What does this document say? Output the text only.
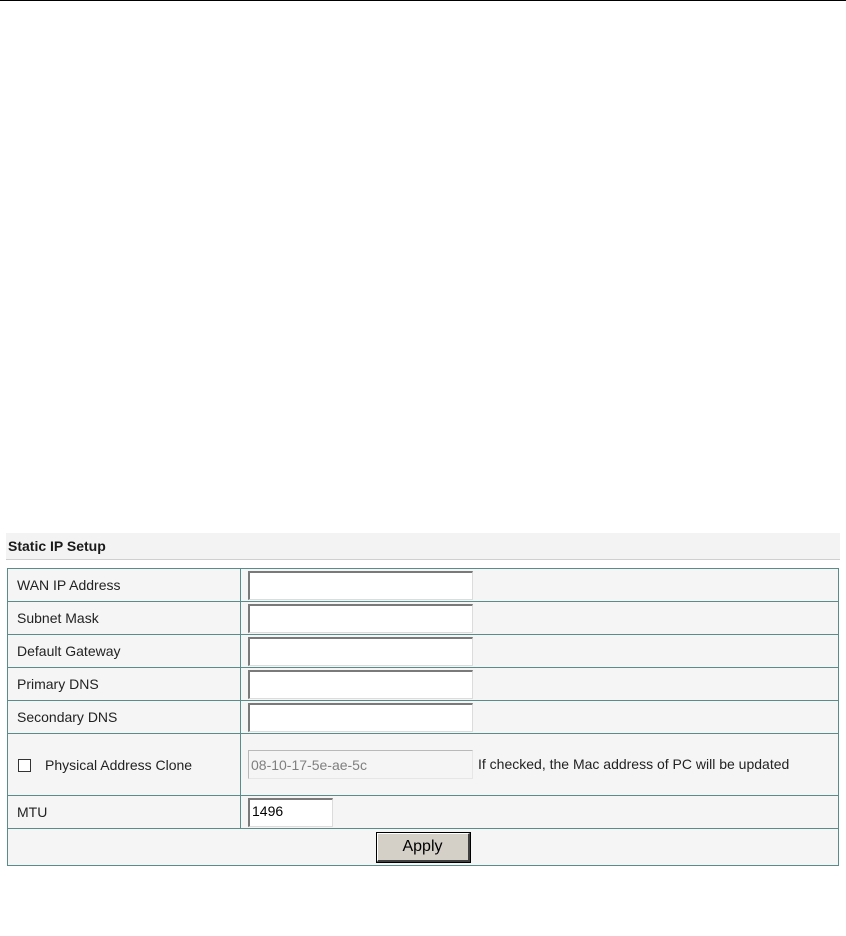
Static IP Setup
WAN IP Address	
Subnet Mask	
Default Gateway	
Primary DNS	
Secondary DNS	
Physical Address Clone	08-10-17-5e-ae-5c If checked, the Mac address of PC will be updated
MTU	1496
Apply	
